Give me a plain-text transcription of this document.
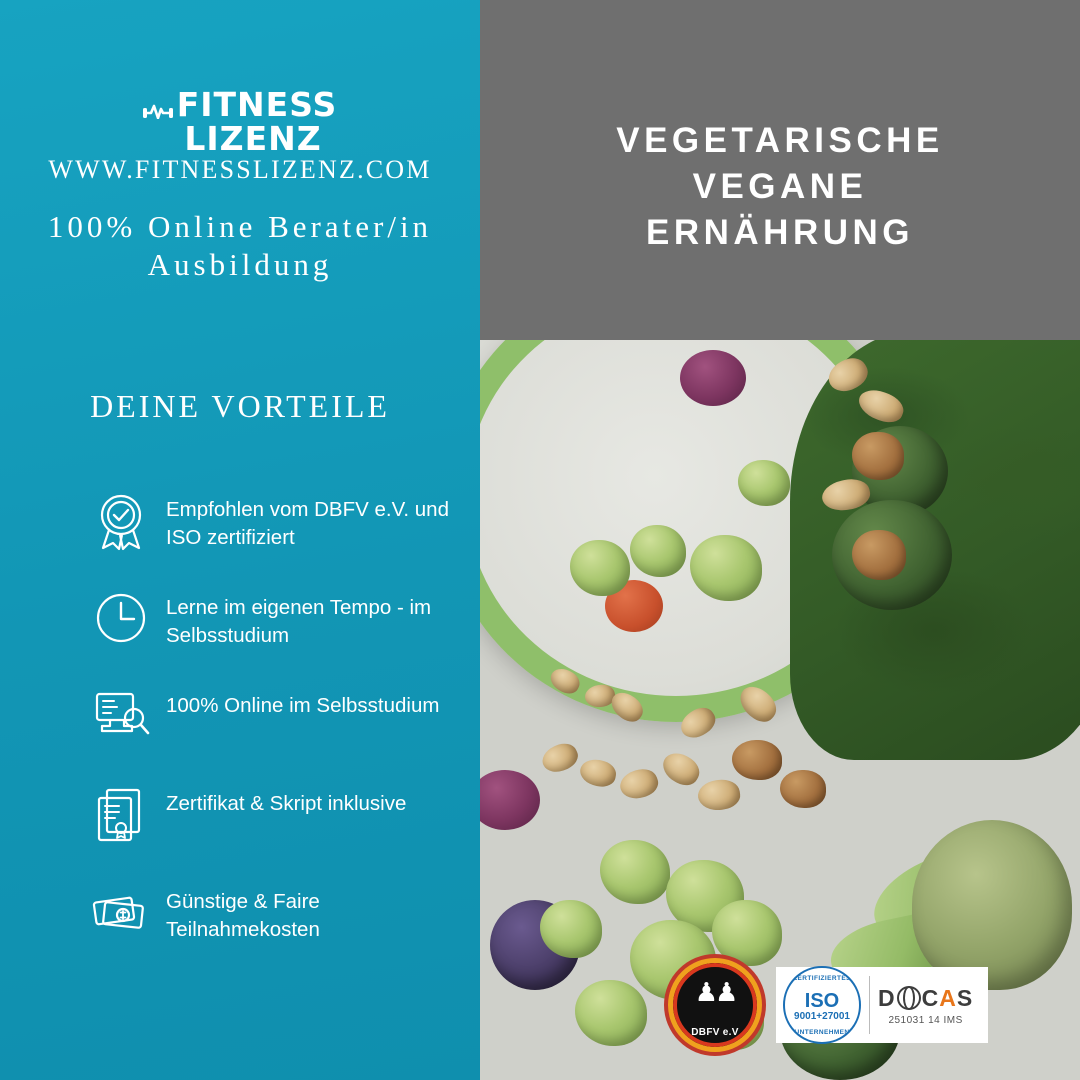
FITNESS
LIZENZ
WWW.FITNESSLIZENZ.COM
100% Online Berater/in Ausbildung
DEINE VORTEILE
Empfohlen vom DBFV e.V. und ISO zertifiziert
Lerne im eigenen Tempo - im Selbsstudium
100% Online im Selbsstudium
Zertifikat & Skript inklusive
Günstige & Faire Teilnahmekosten
VEGETARISCHE
VEGANE
ERNÄHRUNG
♟♟
DBFV e.V
ZERTIFIZIERTES
ISO
9001+27001
UNTERNEHMEN
D C A S
251031 14 IMS
